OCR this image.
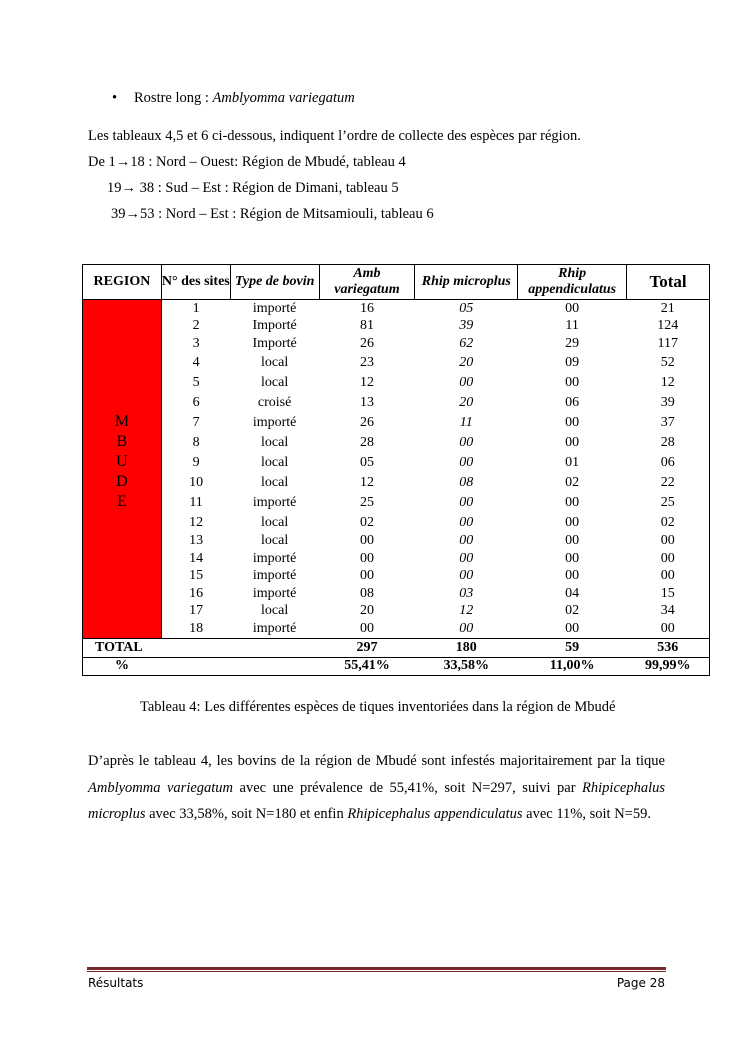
• Rostre long : Amblyomma variegatum
Les tableaux 4,5 et 6 ci-dessous, indiquent l’ordre de collecte des espèces par région.
De 1→18 : Nord – Ouest: Région de Mbudé, tableau 4
19→ 38 : Sud – Est : Région de Dimani, tableau 5
39→53 : Nord – Est : Région de Mitsamiouli, tableau 6
REGION	N° des sites	Type de bovin	Amb variegatum	Rhip microplus	Rhip appendiculatus	Total

M
B
U
D
E	1	importé	16	05	00	21
	2	Importé	81	39	11	124
	3	Importé	26	62	29	117
	4	local	23	20	09	52
	5	local	12	00	00	12
	6	croisé	13	20	06	39
	7	importé	26	11	00	37
	8	local	28	00	00	28
	9	local	05	00	01	06
	10	local	12	08	02	22
	11	importé	25	00	00	25
	12	local	02	00	00	02
	13	local	00	00	00	00
	14	importé	00	00	00	00
	15	importé	00	00	00	00
	16	importé	08	03	04	15
	17	local	20	12	02	34
	18	importé	00	00	00	00
TOTAL			297	180	59	536
%			55,41%	33,58%	11,00%	99,99%
Tableau 4: Les différentes espèces de tiques inventoriées dans la région de Mbudé
D’après le tableau 4, les bovins de la région de Mbudé sont infestés majoritairement par la tique Amblyomma variegatum avec une prévalence de 55,41%, soit N=297, suivi par Rhipicephalus microplus avec 33,58%, soit N=180 et enfin Rhipicephalus appendiculatus avec 11%, soit N=59.
Résultats	Page 28
